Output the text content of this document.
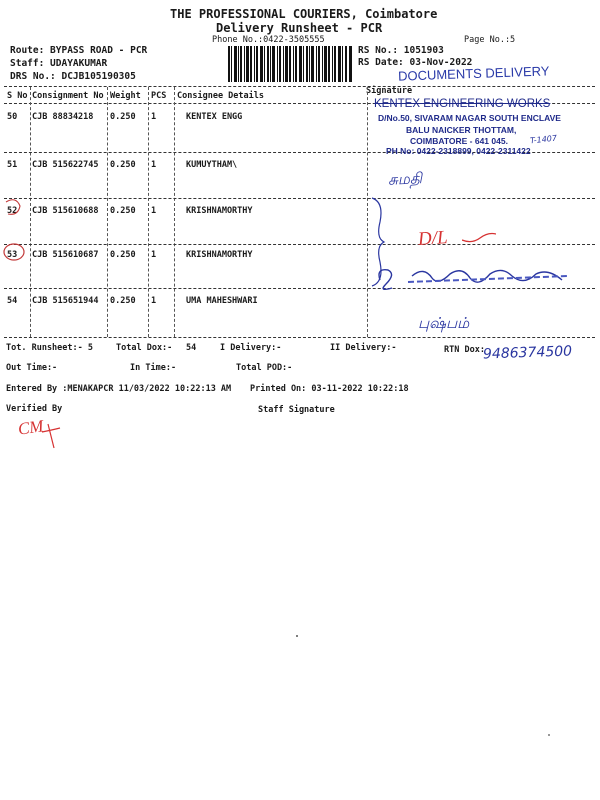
THE PROFESSIONAL COURIERS, Coimbatore
Delivery Runsheet - PCR
Phone No.:0422-3505555	Page No.:5
Route: BYPASS ROAD - PCR
Staff: UDAYAKUMAR
DRS No.: DCJB105190305
RS No.: 1051903
RS Date: 03-Nov-2022
DOCUMENTS DELIVERY
S No Consignment No Weight PCS Consignee Details	Signature
50 CJB 88834218 0.250 1	KENTEX ENGG
51 CJB 515622745 0.250 1	KUMUYTHAM\
52 CJB 515610688 0.250 1	KRISHNAMORTHY
53 CJB 515610687 0.250 1	KRISHNAMORTHY
54 CJB 515651944 0.250 1	UMA MAHESHWARI
KENTEX ENGINEERING WORKS
D/No.50, SIVARAM NAGAR SOUTH ENCLAVE
BALU NAICKER THOTTAM,
COIMBATORE - 641 045.
PH No: 0422-2318899, 0422-2311422
T-1407
சுமதி
D/L
புஷ்பம்
Tot. Runsheet:- 5	Total Dox:- 54	I Delivery:-	II Delivery:-	RTN Dox:
9486374500
Out Time:-	In Time:-	Total POD:-
Entered By :MENAKAPCR 11/03/2022 10:22:13 AM Printed On: 03-11-2022 10:22:18
Verified By	Staff Signature
CM
